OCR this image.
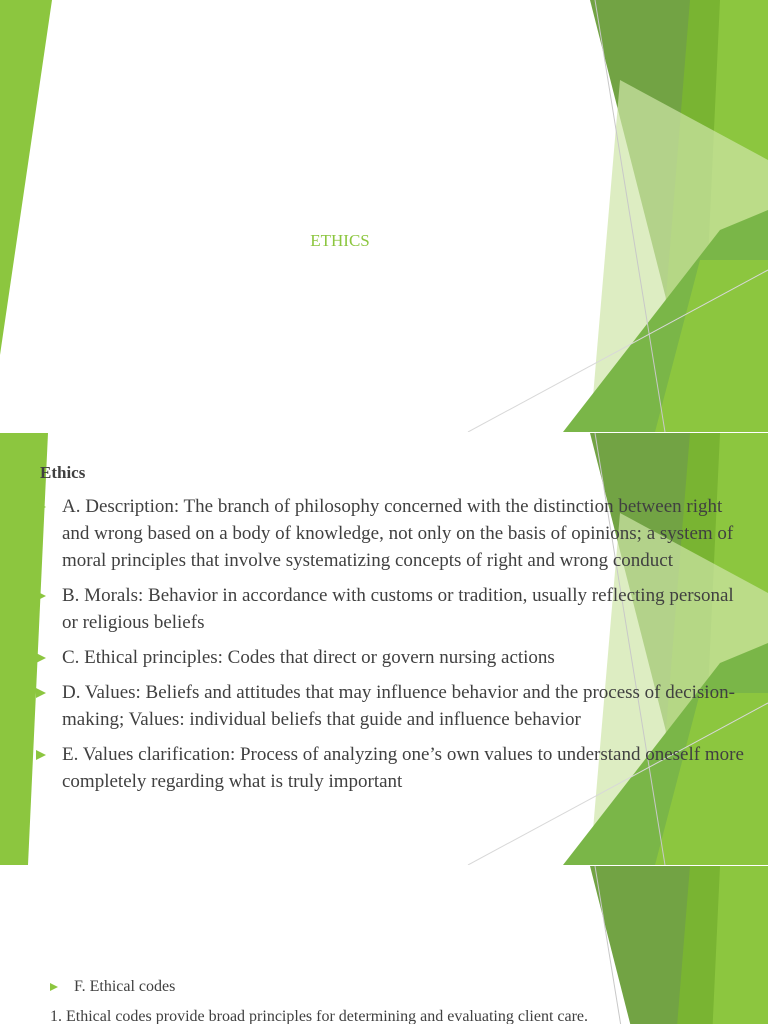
ETHICS
Ethics
A. Description: The branch of philosophy concerned with the distinction between right and wrong based on a body of knowledge, not only on the basis of opinions; a system of moral principles that involve systematizing concepts of right and wrong conduct
B. Morals: Behavior in accordance with customs or tradition, usually reflecting personal or religious beliefs
C. Ethical principles: Codes that direct or govern nursing actions
D. Values: Beliefs and attitudes that may influence behavior and the process of decision-making; Values: individual beliefs that guide and influence behavior
E. Values clarification: Process of analyzing one’s own values to understand oneself more completely regarding what is truly important
F. Ethical codes
1. Ethical codes provide broad principles for determining and evaluating client care.
